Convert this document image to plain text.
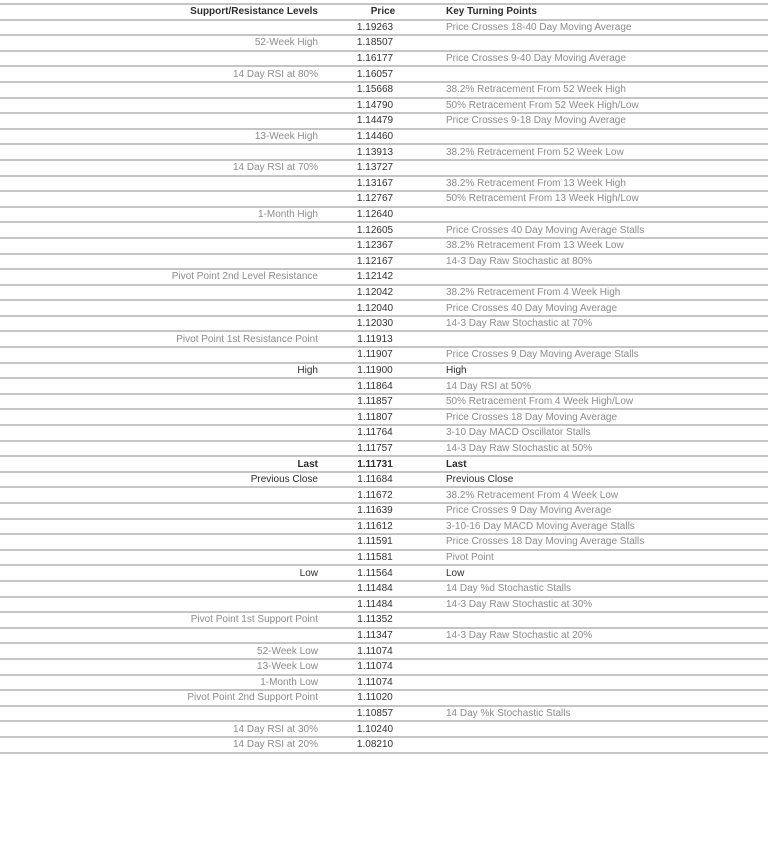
Support/Resistance Levels	Price	Key Turning Points
	1.19263	Price Crosses 18-40 Day Moving Average
52-Week High	1.18507	
	1.16177	Price Crosses 9-40 Day Moving Average
14 Day RSI at 80%	1.16057	
	1.15668	38.2% Retracement From 52 Week High
	1.14790	50% Retracement From 52 Week High/Low
	1.14479	Price Crosses 9-18 Day Moving Average
13-Week High	1.14460	
	1.13913	38.2% Retracement From 52 Week Low
14 Day RSI at 70%	1.13727	
	1.13167	38.2% Retracement From 13 Week High
	1.12767	50% Retracement From 13 Week High/Low
1-Month High	1.12640	
	1.12605	Price Crosses 40 Day Moving Average Stalls
	1.12367	38.2% Retracement From 13 Week Low
	1.12167	14-3 Day Raw Stochastic at 80%
Pivot Point 2nd Level Resistance	1.12142	
	1.12042	38.2% Retracement From 4 Week High
	1.12040	Price Crosses 40 Day Moving Average
	1.12030	14-3 Day Raw Stochastic at 70%
Pivot Point 1st Resistance Point	1.11913	
	1.11907	Price Crosses 9 Day Moving Average Stalls
High	1.11900	High
	1.11864	14 Day RSI at 50%
	1.11857	50% Retracement From 4 Week High/Low
	1.11807	Price Crosses 18 Day Moving Average
	1.11764	3-10 Day MACD Oscillator Stalls
	1.11757	14-3 Day Raw Stochastic at 50%
Last	1.11731	Last
Previous Close	1.11684	Previous Close
	1.11672	38.2% Retracement From 4 Week Low
	1.11639	Price Crosses 9 Day Moving Average
	1.11612	3-10-16 Day MACD Moving Average Stalls
	1.11591	Price Crosses 18 Day Moving Average Stalls
	1.11581	Pivot Point
Low	1.11564	Low
	1.11484	14 Day %d Stochastic Stalls
	1.11484	14-3 Day Raw Stochastic at 30%
Pivot Point 1st Support Point	1.11352	
	1.11347	14-3 Day Raw Stochastic at 20%
52-Week Low	1.11074	
13-Week Low	1.11074	
1-Month Low	1.11074	
Pivot Point 2nd Support Point	1.11020	
	1.10857	14 Day %k Stochastic Stalls
14 Day RSI at 30%	1.10240	
14 Day RSI at 20%	1.08210	
